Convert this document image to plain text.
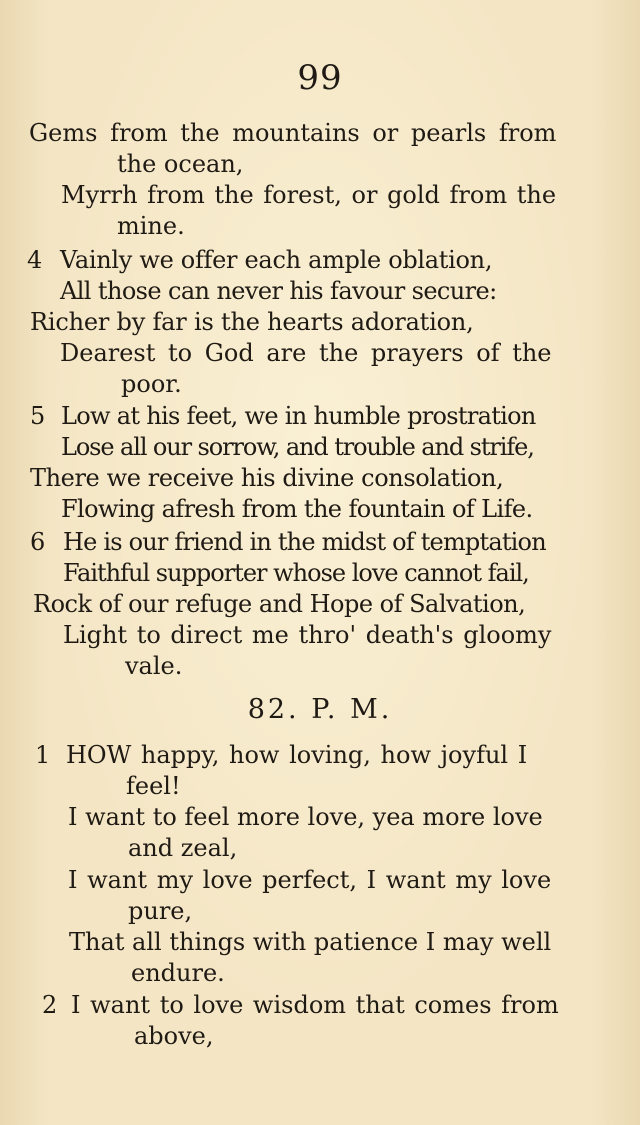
99
Gems from the mountains or pearls from
the ocean,
Myrrh from the forest, or gold from the
mine.
4 Vainly we offer each ample oblation,
All those can never his favour secure:
Richer by far is the hearts adoration,
Dearest to God are the prayers of the
poor.
5 Low at his feet, we in humble prostration
Lose all our sorrow, and trouble and strife,
There we receive his divine consolation,
Flowing afresh from the fountain of Life.
6 He is our friend in the midst of temptation
Faithful supporter whose love cannot fail,
Rock of our refuge and Hope of Salvation,
Light to direct me thro' death's gloomy
vale.
82. P. M.
1 HOW happy, how loving, how joyful I
feel!
I want to feel more love, yea more love
and zeal,
I want my love perfect, I want my love
pure,
That all things with patience I may well
endure.
2 I want to love wisdom that comes from
above,
